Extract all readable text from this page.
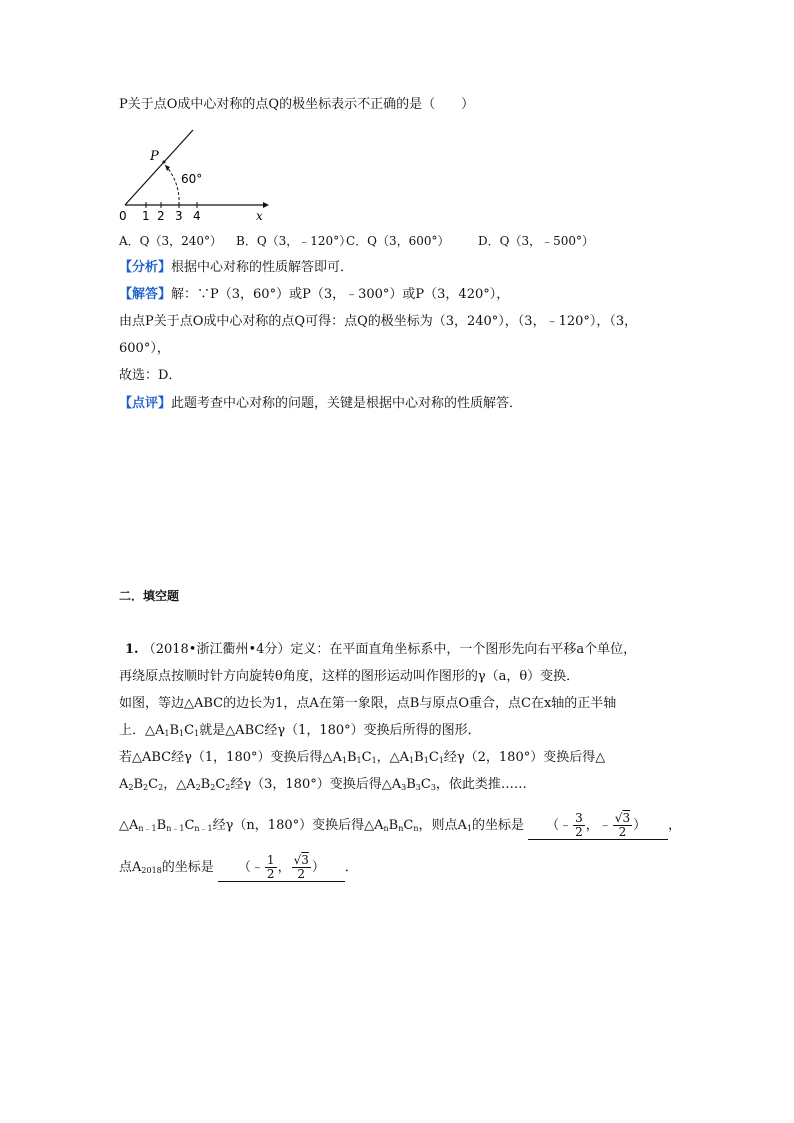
P关于点O成中心对称的点Q的极坐标表示不正确的是（　　）
P
60°
0 1 2 3 4	x
A．Q（3，240°） B．Q（3，﹣120°）C．Q（3，600°） D．Q（3，﹣500°）
【分析】根据中心对称的性质解答即可．
【解答】解：∵P（3，60°）或P（3，﹣300°）或P（3，420°），
由点P关于点O成中心对称的点Q可得：点Q的极坐标为（3，240°），（3，﹣120°），（3，
600°），
故选：D．
【点评】此题考查中心对称的问题，关键是根据中心对称的性质解答．
二．填空题
1. （2018•浙江衢州•4分）定义：在平面直角坐标系中，一个图形先向右平移a个单位，
再绕原点按顺时针方向旋转θ角度，这样的图形运动叫作图形的γ（a，θ）变换．
如图，等边△ABC的边长为1，点A在第一象限，点B与原点O重合，点C在x轴的正半轴
上．$\triangle A_1B_1C_1$就是△ABC经γ（1，180°）变换后所得的图形．
若△ABC经γ（1，180°）变换后得$\triangle A_1B_1C_1$，$\triangle A_1B_1C_1$经γ（2，180°）变换后得△
$A_2B_2C_2$，$\triangle A_2B_2C_2$经γ（3，180°）变换后得$\triangle A_3B_3C_3$，依此类推……
$\triangle A_{n﹣1}B_{n﹣1}C_{n﹣1}$经γ（n，180°）变换后得$\triangle A_nB_nC_n$，则点$A_1$的坐标是 （﹣ $\frac{3}{2}$ ，﹣ $\frac{√3}{2}$ ） ，
点$A_{2018}$的坐标是 （﹣ $\frac{1}{2}$ ， $\frac{√3}{2}$ ） ．
